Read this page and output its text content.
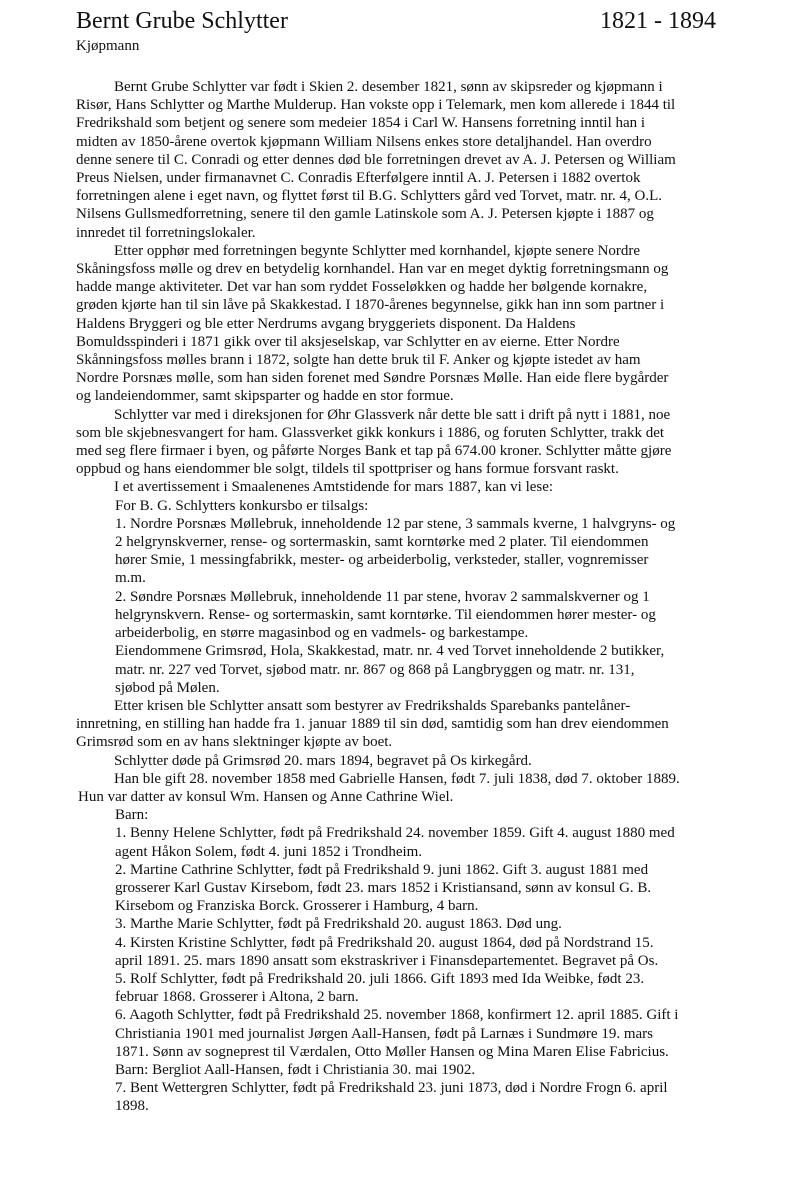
Bernt Grube Schlytter	1821 - 1894
Kjøpmann

Bernt Grube Schlytter var født i Skien 2. desember 1821, sønn av skipsreder og kjøpmann i
Risør, Hans Schlytter og Marthe Mulderup. Han vokste opp i Telemark, men kom allerede i 1844 til
Fredrikshald som betjent og senere som medeier 1854 i Carl W. Hansens forretning inntil han i
midten av 1850-årene overtok kjøpmann William Nilsens enkes store detaljhandel. Han overdro
denne senere til C. Conradi og etter dennes død ble forretningen drevet av A. J. Petersen og William
Preus Nielsen, under firmanavnet C. Conradis Efterfølgere inntil A. J. Petersen i 1882 overtok
forretningen alene i eget navn, og flyttet først til B.G. Schlytters gård ved Torvet, matr. nr. 4, O.L.
Nilsens Gullsmedforretning, senere til den gamle Latinskole som A. J. Petersen kjøpte i 1887 og
innredet til forretningslokaler.

Etter opphør med forretningen begynte Schlytter med kornhandel, kjøpte senere Nordre
Skåningsfoss mølle og drev en betydelig kornhandel. Han var en meget dyktig forretningsmann og
hadde mange aktiviteter. Det var han som ryddet Fosseløkken og hadde her bølgende kornakre,
grøden kjørte han til sin låve på Skakkestad. I 1870-årenes begynnelse, gikk han inn som partner i
Haldens Bryggeri og ble etter Nerdrums avgang bryggeriets disponent. Da Haldens
Bomuldsspinderi i 1871 gikk over til aksjeselskap, var Schlytter en av eierne. Etter Nordre
Skånningsfoss mølles brann i 1872, solgte han dette bruk til F. Anker og kjøpte istedet av ham
Nordre Porsnæs mølle, som han siden forenet med Søndre Porsnæs Mølle. Han eide flere bygårder
og landeiendommer, samt skipsparter og hadde en stor formue.

Schlytter var med i direksjonen for Øhr Glassverk når dette ble satt i drift på nytt i 1881, noe
som ble skjebnesvangert for ham. Glassverket gikk konkurs i 1886, og foruten Schlytter, trakk det
med seg flere firmaer i byen, og påførte Norges Bank et tap på 674.00 kroner. Schlytter måtte gjøre
oppbud og hans eiendommer ble solgt, tildels til spottpriser og hans formue forsvant raskt.

I et avertissement i Smaalenenes Amtstidende for mars 1887, kan vi lese:

For B. G. Schlytters konkursbo er tilsalgs:

1. Nordre Porsnæs Møllebruk, inneholdende 12 par stene, 3 sammals kverne, 1 halvgryns- og
2 helgrynskverner, rense- og sortermaskin, samt korntørke med 2 plater. Til eiendommen
hører Smie, 1 messingfabrikk, mester- og arbeiderbolig, verksteder, staller, vognremisser
m.m.

2. Søndre Porsnæs Møllebruk, inneholdende 11 par stene, hvorav 2 sammalskverner og 1
helgrynskvern. Rense- og sortermaskin, samt korntørke. Til eiendommen hører mester- og
arbeiderbolig, en større magasinbod og en vadmels- og barkestampe.

Eiendommene Grimsrød, Hola, Skakkestad, matr. nr. 4 ved Torvet inneholdende 2 butikker,
matr. nr. 227 ved Torvet, sjøbod matr. nr. 867 og 868 på Langbryggen og matr. nr. 131,
sjøbod på Mølen.

Etter krisen ble Schlytter ansatt som bestyrer av Fredrikshalds Sparebanks pantelåner-
innretning, en stilling han hadde fra 1. januar 1889 til sin død, samtidig som han drev eiendommen
Grimsrød som en av hans slektninger kjøpte av boet.

Schlytter døde på Grimsrød 20. mars 1894, begravet på Os kirkegård.

Han ble gift 28. november 1858 med Gabrielle Hansen, født 7. juli 1838, død 7. oktober 1889.

Hun var datter av konsul Wm. Hansen og Anne Cathrine Wiel.

Barn:

1. Benny Helene Schlytter, født på Fredrikshald 24. november 1859. Gift 4. august 1880 med
agent Håkon Solem, født 4. juni 1852 i Trondheim.

2. Martine Cathrine Schlytter, født på Fredrikshald 9. juni 1862. Gift 3. august 1881 med
grosserer Karl Gustav Kirsebom, født 23. mars 1852 i Kristiansand, sønn av konsul G. B.
Kirsebom og Franziska Borck. Grosserer i Hamburg, 4 barn.

3. Marthe Marie Schlytter, født på Fredrikshald 20. august 1863. Død ung.

4. Kirsten Kristine Schlytter, født på Fredrikshald 20. august 1864, død på Nordstrand 15.
april 1891. 25. mars 1890 ansatt som ekstraskriver i Finansdepartementet. Begravet på Os.

5. Rolf Schlytter, født på Fredrikshald 20. juli 1866. Gift 1893 med Ida Weibke, født 23.
februar 1868. Grosserer i Altona, 2 barn.

6. Aagoth Schlytter, født på Fredrikshald 25. november 1868, konfirmert 12. april 1885. Gift i
Christiania 1901 med journalist Jørgen Aall-Hansen, født på Larnæs i Sundmøre 19. mars
1871. Sønn av sogneprest til Værdalen, Otto Møller Hansen og Mina Maren Elise Fabricius.
Barn: Bergliot Aall-Hansen, født i Christiania 30. mai 1902.

7. Bent Wettergren Schlytter, født på Fredrikshald 23. juni 1873, død i Nordre Frogn 6. april
1898.
